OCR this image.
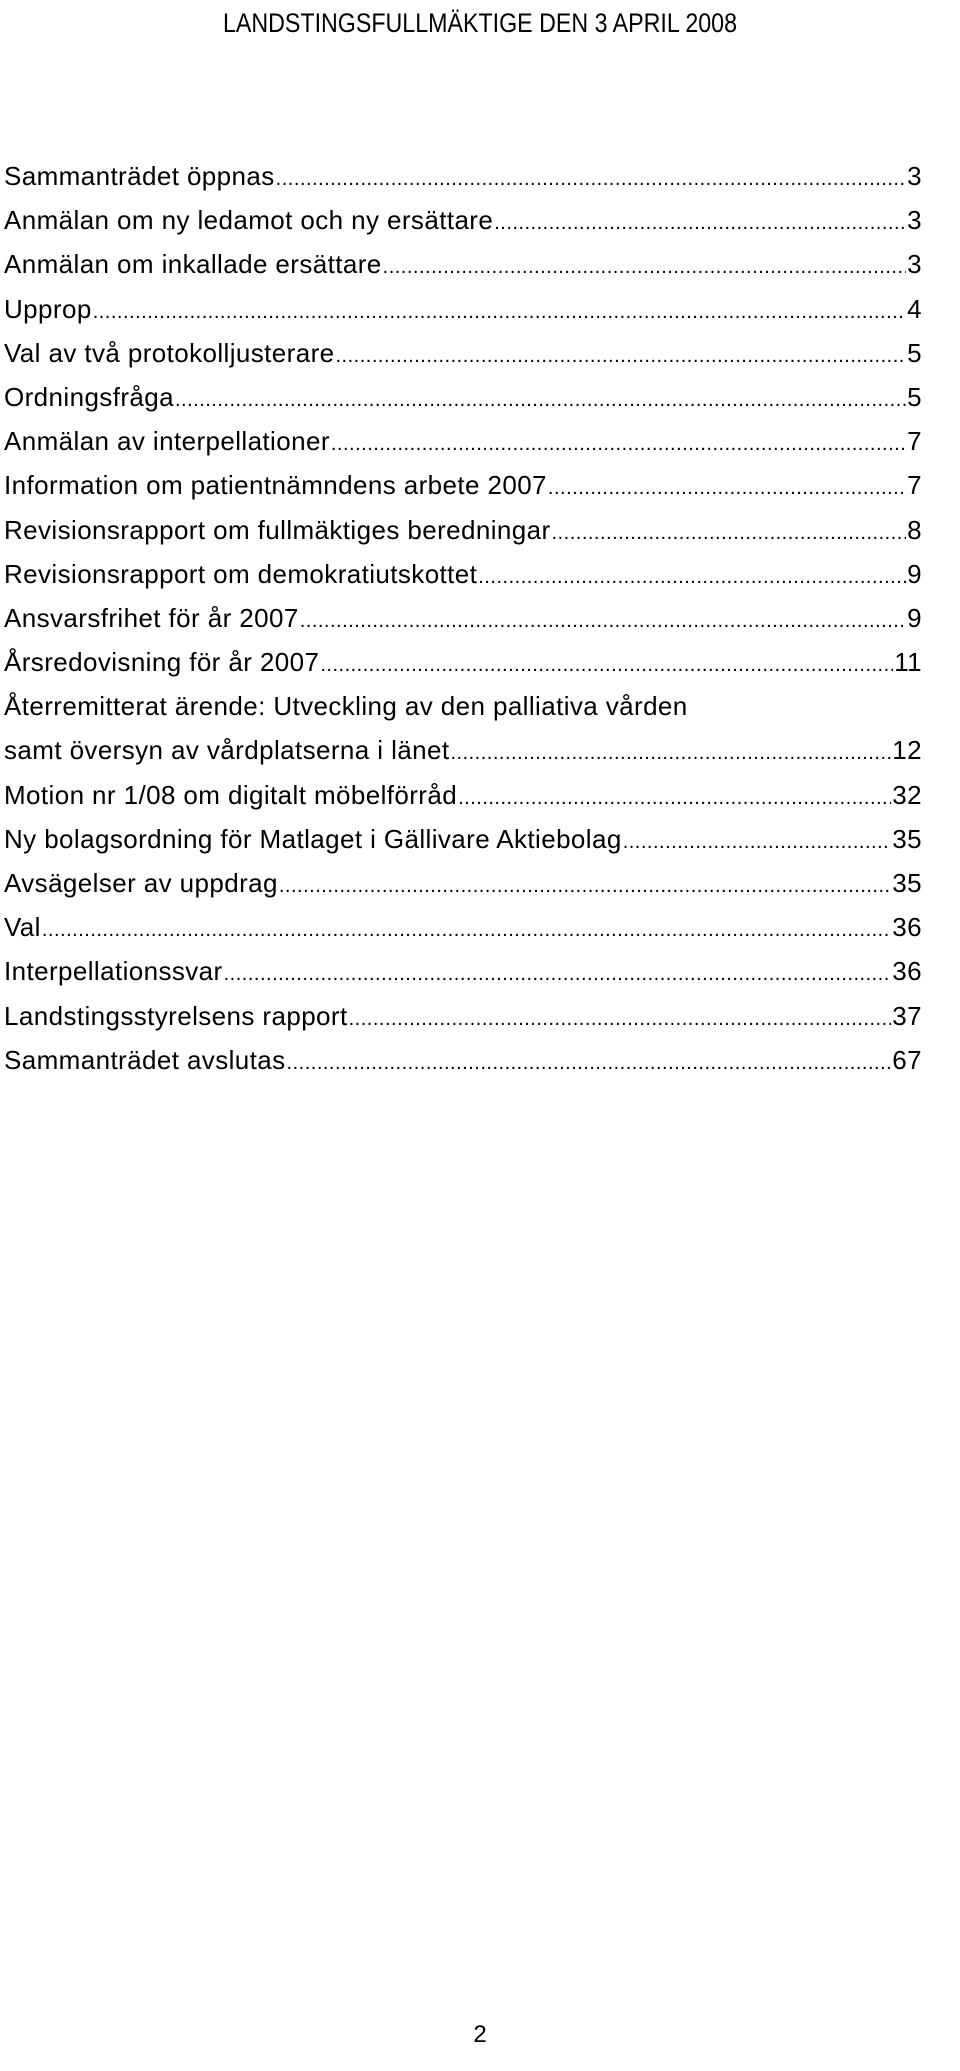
LANDSTINGSFULLMÄKTIGE DEN 3 APRIL 2008
Sammanträdet öppnas .....	3
Anmälan om ny ledamot och ny ersättare .....	3
Anmälan om inkallade ersättare .....	3
Upprop .....	4
Val av två protokolljusterare .....	5
Ordningsfråga .....	5
Anmälan av interpellationer .....	7
Information om patientnämndens arbete 2007 .....	7
Revisionsrapport om fullmäktiges beredningar .....	8
Revisionsrapport om demokratiutskottet .....	9
Ansvarsfrihet för år 2007 .....	9
Årsredovisning för år 2007 .....	11
Återremitterat ärende: Utveckling av den palliativa vården
samt översyn av vårdplatserna i länet .....	12
Motion nr 1/08 om digitalt möbelförråd .....	32
Ny bolagsordning för Matlaget i Gällivare Aktiebolag .....	35
Avsägelser av uppdrag .....	35
Val .....	36
Interpellationssvar .....	36
Landstingsstyrelsens rapport .....	37
Sammanträdet avslutas .....	67
2
